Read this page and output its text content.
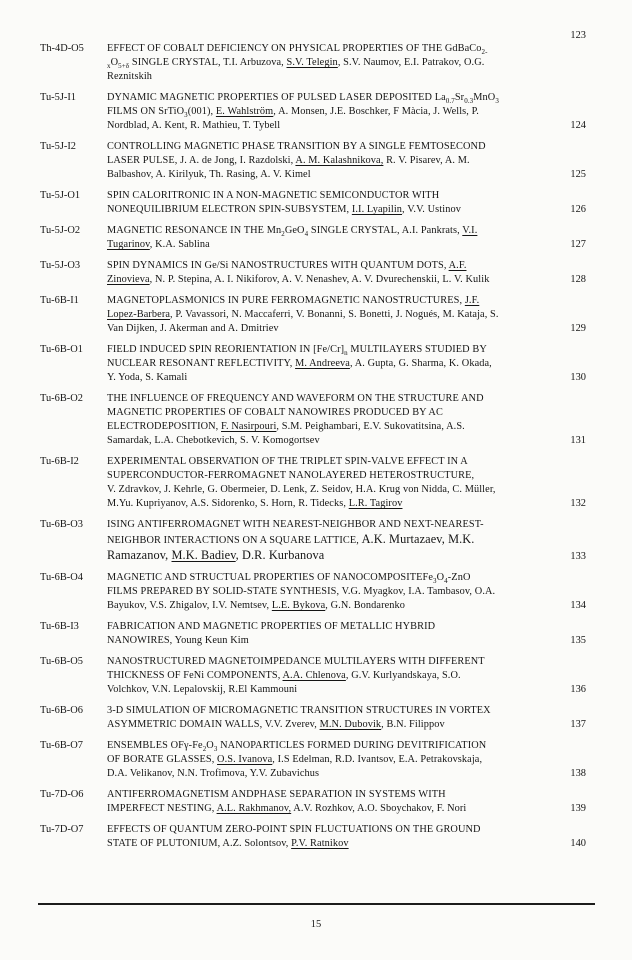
Th-4D-O5	EFFECT OF COBALT DEFICIENCY ON PHYSICAL PROPERTIES OF THE GdBaCo$_{2-}$
$_xO_{5+\delta}$ SINGLE CRYSTAL, T.I. Arbuzova, S.V. Telegin, S.V. Naumov, E.I. Patrakov, O.G.
Reznitskih
123
Tu-5J-I1	DYNAMIC MAGNETIC PROPERTIES OF PULSED LASER DEPOSITED $La_{0.7}Sr_{0.3}MnO_3$
FILMS ON SrTiO$_3$(001), E. Wahlström, A. Monsen, J.E. Boschker, F Màcia, J. Wells, P.
Nordblad, A. Kent, R. Mathieu, T. Tybell	124
Tu-5J-I2	CONTROLLING MAGNETIC PHASE TRANSITION BY A SINGLE FEMTOSECOND
LASER PULSE, J. A. de Jong, I. Razdolski, A. M. Kalashnikova, R. V. Pisarev, A. M.
Balbashov, A. Kirilyuk, Th. Rasing, A. V. Kimel	125
Tu-5J-O1	SPIN CALORITRONIC IN A NON-MAGNETIC SEMICONDUCTOR WITH
NONEQUILIBRIUM ELECTRON SPIN-SUBSYSTEM, I.I. Lyapilin, V.V. Ustinov	126
Tu-5J-O2	MAGNETIC RESONANCE IN THE $Mn_2GeO_4$ SINGLE CRYSTAL, A.I. Pankrats, V.I.
Tugarinov, K.A. Sablina	127
Tu-5J-O3	SPIN DYNAMICS IN Ge/Si NANOSTRUCTURES WITH QUANTUM DOTS, A.F.
Zinovieva, N. P. Stepina, A. I. Nikiforov, A. V. Nenashev, A. V. Dvurechenskii, L. V. Kulik	128
Tu-6B-I1	MAGNETOPLASMONICS IN PURE FERROMAGNETIC NANOSTRUCTURES, J.F.
Lopez-Barbera, P. Vavassori, N. Maccaferri, V. Bonanni, S. Bonetti, J. Nogués, M. Kataja, S.
Van Dijken, J. Akerman and A. Dmitriev	129
Tu-6B-O1	FIELD INDUCED SPIN REORIENTATION IN $[Fe/Cr]_n$ MULTILAYERS STUDIED BY
NUCLEAR RESONANT REFLECTIVITY, M. Andreeva, A. Gupta, G. Sharma, K. Okada,
Y. Yoda, S. Kamali	130
Tu-6B-O2	THE INFLUENCE OF FREQUENCY AND WAVEFORM ON THE STRUCTURE AND
MAGNETIC PROPERTIES OF COBALT NANOWIRES PRODUCED BY AC
ELECTRODEPOSITION, F. Nasirpouri, S.M. Peighambari, E.V. Sukovatitsina, A.S.
Samardak, L.A. Chebotkevich, S. V. Komogortsev	131
Tu-6B-I2	EXPERIMENTAL OBSERVATION OF THE TRIPLET SPIN-VALVE EFFECT IN A
SUPERCONDUCTOR-FERROMAGNET NANOLAYERED HETEROSTRUCTURE,
V. Zdravkov, J. Kehrle, G. Obermeier, D. Lenk, Z. Seidov, H.A. Krug von Nidda, C. Müller,
M.Yu. Kupriyanov, A.S. Sidorenko, S. Horn, R. Tidecks, L.R. Tagirov	132
Tu-6B-O3	ISING ANTIFERROMAGNET WITH NEAREST-NEIGHBOR AND NEXT-NEAREST-
NEIGHBOR INTERACTIONS ON A SQUARE LATTICE, A.K. Murtazaev, M.K.
Ramazanov, M.K. Badiev, D.R. Kurbanova	133
Tu-6B-O4	MAGNETIC AND STRUCTUAL PROPERTIES OF $NANOCOMPOSITEFe_3O_4$-ZnO
FILMS PREPARED BY SOLID-STATE SYNTHESIS, V.G. Myagkov, I.A. Tambasov, O.A.
Bayukov, V.S. Zhigalov, I.V. Nemtsev, L.E. Bykova, G.N. Bondarenko	134
Tu-6B-I3	FABRICATION AND MAGNETIC PROPERTIES OF METALLIC HYBRID
NANOWIRES, Young Keun Kim	135
Tu-6B-O5	NANOSTRUCTURED MAGNETOIMPEDANCE MULTILAYERS WITH DIFFERENT
THICKNESS OF FeNi COMPONENTS, A.A. Chlenova, G.V. Kurlyandskaya, S.O.
Volchkov, V.N. Lepalovskij, R.El Kammouni	136
Tu-6B-O6	3-D SIMULATION OF MICROMAGNETIC TRANSITION STRUCTURES IN VORTEX
ASYMMETRIC DOMAIN WALLS, V.V. Zverev, M.N. Dubovik, B.N. Filippov	137
Tu-6B-O7	ENSEMBLES OFγ-$Fe_2O_3$ NANOPARTICLES FORMED DURING DEVITRIFICATION
OF BORATE GLASSES, O.S. Ivanova, I.S Edelman, R.D. Ivantsov, E.A. Petrakovskaja,
D.A. Velikanov, N.N. Trofimova, Y.V. Zubavichus	138
Tu-7D-O6	ANTIFERROMAGNETISM ANDPHASE SEPARATION IN SYSTEMS WITH
IMPERFECT NESTING, A.L. Rakhmanov, A.V. Rozhkov, A.O. Sboychakov, F. Nori	139
Tu-7D-O7	EFFECTS OF QUANTUM ZERO-POINT SPIN FLUCTUATIONS ON THE GROUND
STATE OF PLUTONIUM, A.Z. Solontsov, P.V. Ratnikov	140
15
